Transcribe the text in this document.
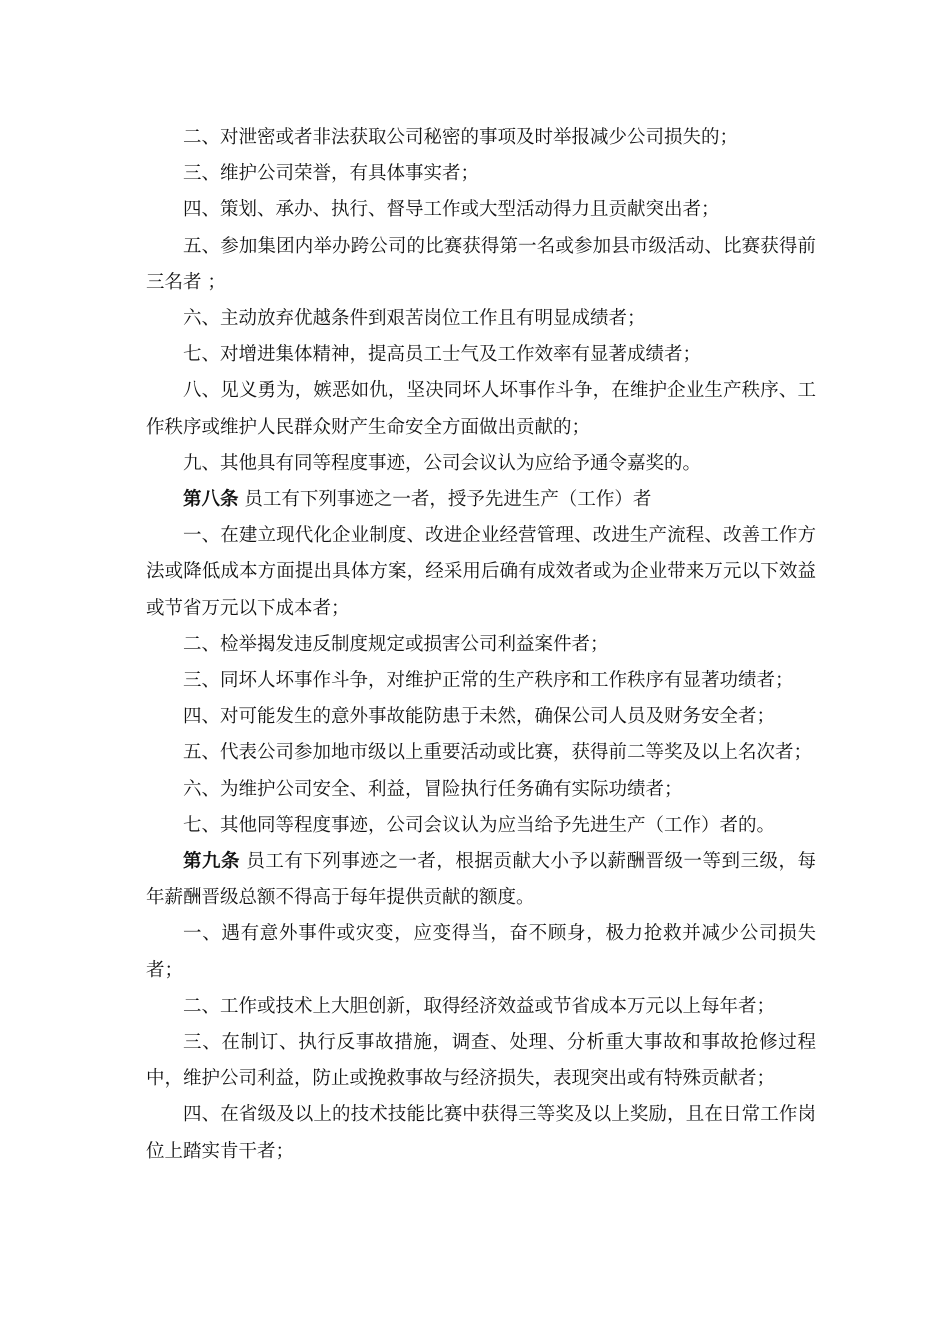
二、对泄密或者非法获取公司秘密的事项及时举报减少公司损失的；

三、维护公司荣誉，有具体事实者；

四、策划、承办、执行、督导工作或大型活动得力且贡献突出者；

五、参加集团内举办跨公司的比赛获得第一名或参加县市级活动、比赛获得前三名者 ；

六、主动放弃优越条件到艰苦岗位工作且有明显成绩者；

七、对增进集体精神，提高员工士气及工作效率有显著成绩者；

八、见义勇为，嫉恶如仇，坚决同坏人坏事作斗争，在维护企业生产秩序、工作秩序或维护人民群众财产生命安全方面做出贡献的；

九、其他具有同等程度事迹，公司会议认为应给予通令嘉奖的。

第八条 员工有下列事迹之一者，授予先进生产（工作）者

一、在建立现代化企业制度、改进企业经营管理、改进生产流程、改善工作方法或降低成本方面提出具体方案，经采用后确有成效者或为企业带来万元以下效益或节省万元以下成本者；

二、检举揭发违反制度规定或损害公司利益案件者；

三、同坏人坏事作斗争，对维护正常的生产秩序和工作秩序有显著功绩者；

四、对可能发生的意外事故能防患于未然，确保公司人员及财务安全者；

五、代表公司参加地市级以上重要活动或比赛，获得前二等奖及以上名次者；

六、为维护公司安全、利益，冒险执行任务确有实际功绩者；

七、其他同等程度事迹，公司会议认为应当给予先进生产（工作）者的。

第九条 员工有下列事迹之一者，根据贡献大小予以薪酬晋级一等到三级，每年薪酬晋级总额不得高于每年提供贡献的额度。

一、遇有意外事件或灾变，应变得当，奋不顾身，极力抢救并减少公司损失者；

二、工作或技术上大胆创新，取得经济效益或节省成本万元以上每年者；

三、在制订、执行反事故措施，调查、处理、分析重大事故和事故抢修过程中，维护公司利益，防止或挽救事故与经济损失，表现突出或有特殊贡献者；

四、在省级及以上的技术技能比赛中获得三等奖及以上奖励，且在日常工作岗位上踏实肯干者；
